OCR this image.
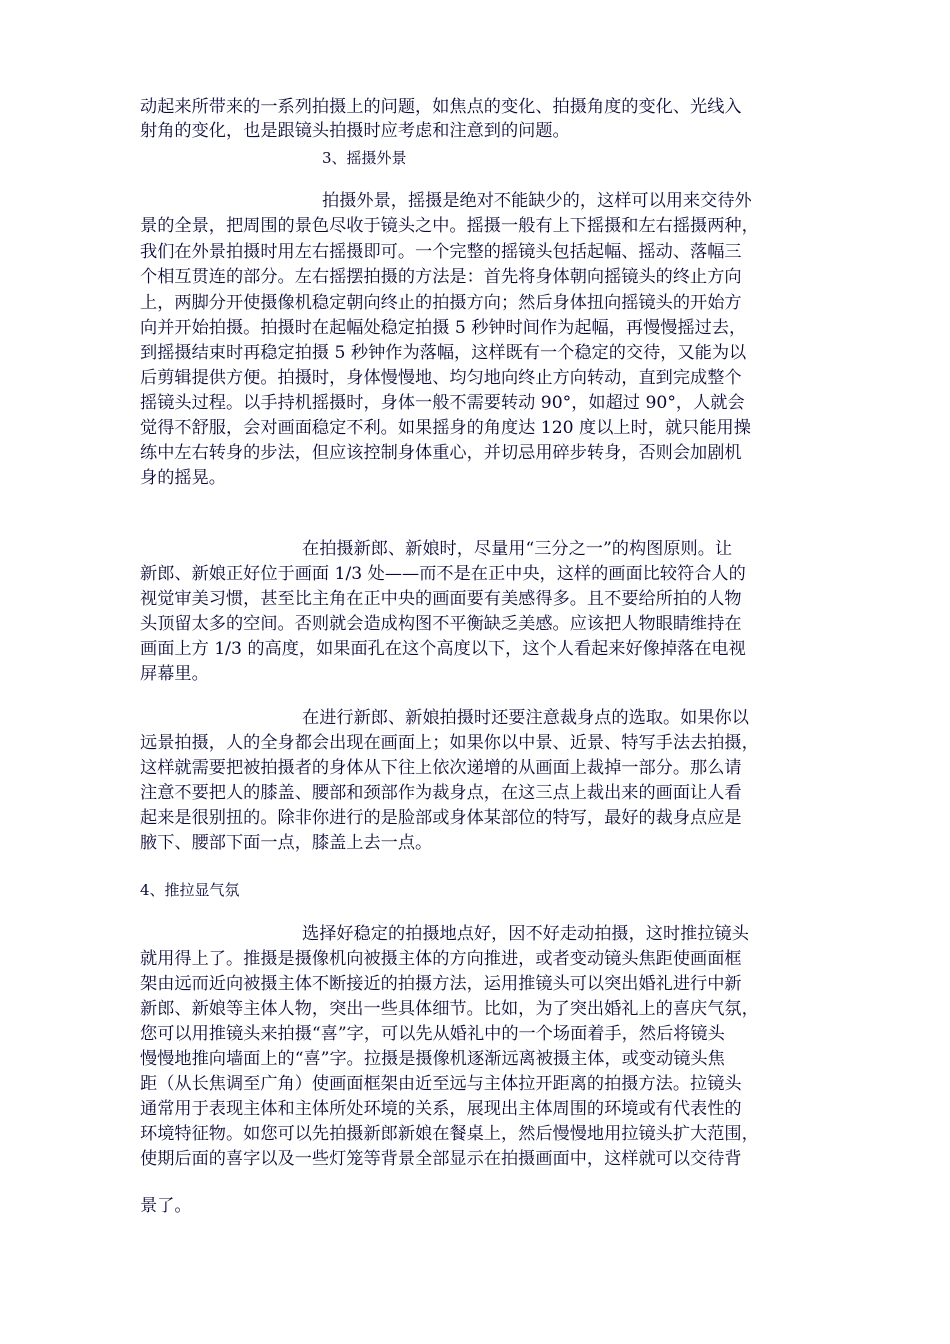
动起来所带来的一系列拍摄上的问题，如焦点的变化、拍摄角度的变化、光线入

射角的变化，也是跟镜头拍摄时应考虑和注意到的问题。

3、摇摄外景

拍摄外景，摇摄是绝对不能缺少的，这样可以用来交待外

景的全景，把周围的景色尽收于镜头之中。摇摄一般有上下摇摄和左右摇摄两种，

我们在外景拍摄时用左右摇摄即可。一个完整的摇镜头包括起幅、摇动、落幅三

个相互贯连的部分。左右摇摆拍摄的方法是：首先将身体朝向摇镜头的终止方向

上，两脚分开使摄像机稳定朝向终止的拍摄方向；然后身体扭向摇镜头的开始方

向并开始拍摄。拍摄时在起幅处稳定拍摄 5 秒钟时间作为起幅，再慢慢摇过去，

到摇摄结束时再稳定拍摄 5 秒钟作为落幅，这样既有一个稳定的交待，又能为以

后剪辑提供方便。拍摄时，身体慢慢地、均匀地向终止方向转动，直到完成整个

摇镜头过程。以手持机摇摄时，身体一般不需要转动 90°，如超过 90°，人就会

觉得不舒服，会对画面稳定不利。如果摇身的角度达 120 度以上时，就只能用操

练中左右转身的步法，但应该控制身体重心，并切忌用碎步转身，否则会加剧机

身的摇晃。

在拍摄新郎、新娘时，尽量用“三分之一”的构图原则。让

新郎、新娘正好位于画面 1/3 处——而不是在正中央，这样的画面比较符合人的

视觉审美习惯，甚至比主角在正中央的画面要有美感得多。且不要给所拍的人物

头顶留太多的空间。否则就会造成构图不平衡缺乏美感。应该把人物眼睛维持在

画面上方 1/3 的高度，如果面孔在这个高度以下，这个人看起来好像掉落在电视

屏幕里。

在进行新郎、新娘拍摄时还要注意裁身点的选取。如果你以

远景拍摄，人的全身都会出现在画面上；如果你以中景、近景、特写手法去拍摄，

这样就需要把被拍摄者的身体从下往上依次递增的从画面上裁掉一部分。那么请

注意不要把人的膝盖、腰部和颈部作为裁身点，在这三点上裁出来的画面让人看

起来是很别扭的。除非你进行的是脸部或身体某部位的特写，最好的裁身点应是

腋下、腰部下面一点，膝盖上去一点。

4、推拉显气氛

选择好稳定的拍摄地点好，因不好走动拍摄，这时推拉镜头

就用得上了。推摄是摄像机向被摄主体的方向推进，或者变动镜头焦距使画面框

架由远而近向被摄主体不断接近的拍摄方法，运用推镜头可以突出婚礼进行中新

新郎、新娘等主体人物，突出一些具体细节。比如，为了突出婚礼上的喜庆气氛，

您可以用推镜头来拍摄“喜”字，可以先从婚礼中的一个场面着手，然后将镜头

慢慢地推向墙面上的“喜”字。拉摄是摄像机逐渐远离被摄主体，或变动镜头焦

距（从长焦调至广角）使画面框架由近至远与主体拉开距离的拍摄方法。拉镜头

通常用于表现主体和主体所处环境的关系，展现出主体周围的环境或有代表性的

环境特征物。如您可以先拍摄新郎新娘在餐桌上，然后慢慢地用拉镜头扩大范围，

使期后面的喜字以及一些灯笼等背景全部显示在拍摄画面中，这样就可以交待背

景了。
